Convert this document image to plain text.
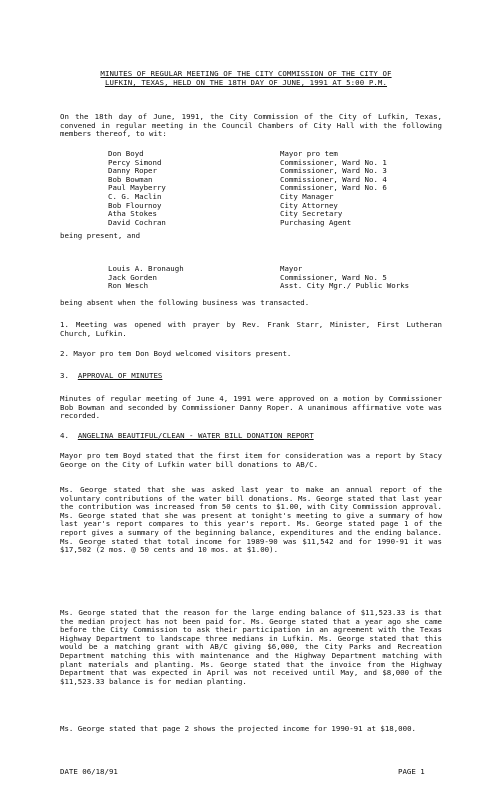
MINUTES OF REGULAR MEETING OF THE CITY COMMISSION OF THE CITY OF
LUFKIN, TEXAS, HELD ON THE 18TH DAY OF JUNE, 1991 AT 5:00 P.M.
On the 18th day of June, 1991, the City Commission of the City of Lufkin, Texas, convened in regular meeting in the Council Chambers of City Hall with the following members thereof, to wit:
Don Boyd	Mayor pro tem
Percy Simond	Commissioner, Ward No. 1
Danny Roper	Commissioner, Ward No. 3
Bob Bowman	Commissioner, Ward No. 4
Paul Mayberry	Commissioner, Ward No. 6
C. G. Maclin	City Manager
Bob Flournoy	City Attorney
Atha Stokes	City Secretary
David Cochran	Purchasing Agent
being present, and
Louis A. Bronaugh	Mayor
Jack Gorden	Commissioner, Ward No. 5
Ron Wesch	Asst. City Mgr./ Public Works
being absent when the following business was transacted.
1. Meeting was opened with prayer by Rev. Frank Starr, Minister, First Lutheran Church, Lufkin.
2. Mayor pro tem Don Boyd welcomed visitors present.
3. APPROVAL OF MINUTES
Minutes of regular meeting of June 4, 1991 were approved on a motion by Commissioner Bob Bowman and seconded by Commissioner Danny Roper. A unanimous affirmative vote was recorded.
4. ANGELINA BEAUTIFUL/CLEAN - WATER BILL DONATION REPORT
Mayor pro tem Boyd stated that the first item for consideration was a report by Stacy George on the City of Lufkin water bill donations to AB/C.
Ms. George stated that she was asked last year to make an annual report of the voluntary contributions of the water bill donations. Ms. George stated that last year the contribution was increased from 50 cents to $1.00, with City Commission approval. Ms. George stated that she was present at tonight's meeting to give a summary of how last year's report compares to this year's report. Ms. George stated page 1 of the report gives a summary of the beginning balance, expenditures and the ending balance. Ms. George stated that total income for 1989-90 was $11,542 and for 1990-91 it was $17,502 (2 mos. @ 50 cents and 10 mos. at $1.00).
Ms. George stated that the reason for the large ending balance of $11,523.33 is that the median project has not been paid for. Ms. George stated that a year ago she came before the City Commission to ask their participation in an agreement with the Texas Highway Department to landscape three medians in Lufkin. Ms. George stated that this would be a matching grant with AB/C giving $6,000, the City Parks and Recreation Department matching this with maintenance and the Highway Department matching with plant materials and planting. Ms. George stated that the invoice from the Highway Department that was expected in April was not received until May, and $8,000 of the $11,523.33 balance is for median planting.
Ms. George stated that page 2 shows the projected income for 1990-91 at $18,000.
DATE 06/18/91	PAGE 1
